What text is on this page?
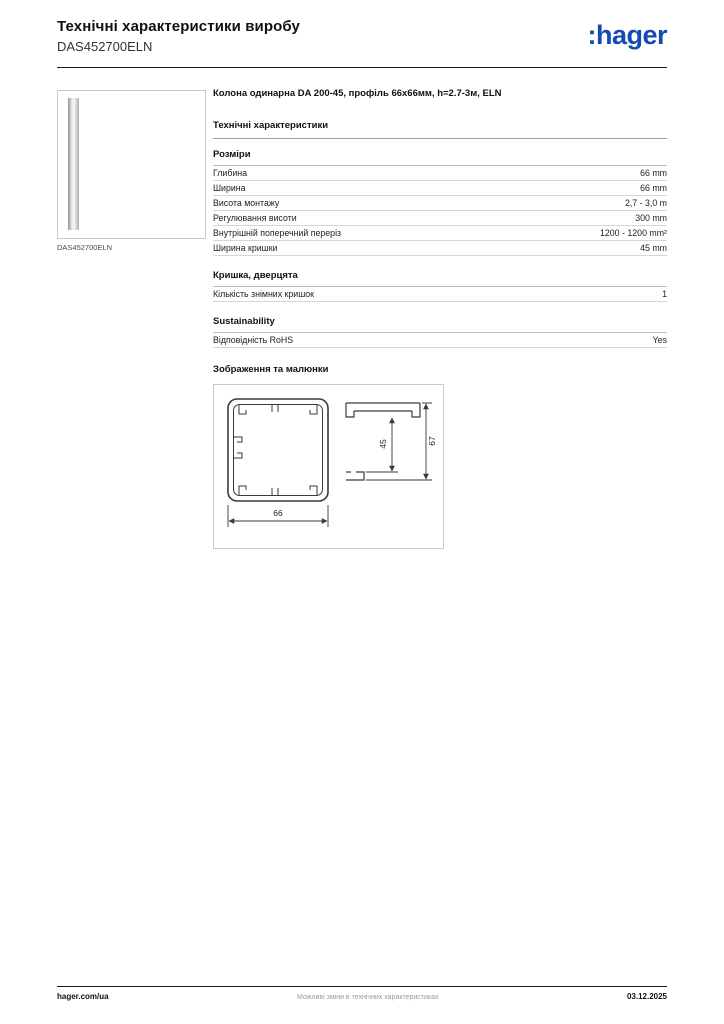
Технічні характеристики виробу
DAS452700ELN	:hager
DAS452700ELN
Колона одинарна DA 200-45, профіль 66х66мм, h=2.7-3м, ELN
Технічні характеристики
Розміри
Глибина	66 mm
Ширина	66 mm
Висота монтажу	2,7 - 3,0 m
Регулювання висоти	300 mm
Внутрішній поперечний переріз	1200 - 1200 mm²
Ширина кришки	45 mm
Кришка, дверцята
Кількість знімних кришок	1
Sustainability
Відповідність RoHS	Yes
Зображення та малюнки
66
45	67
hager.com/ua	Можливі зміни в технічних характеристиках	03.12.2025
